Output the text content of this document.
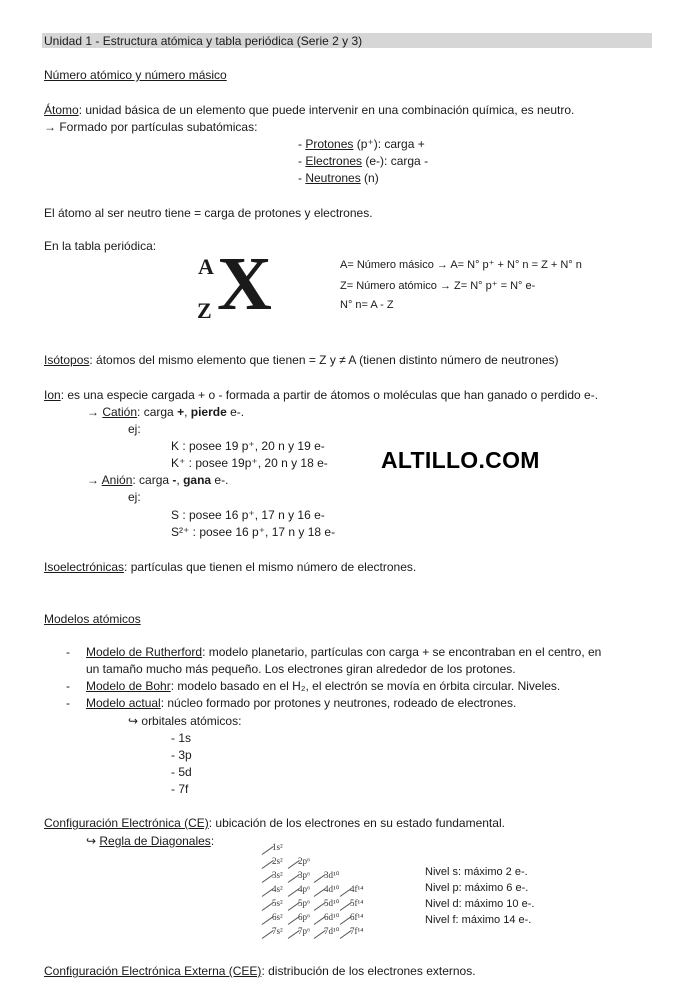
Unidad 1 - Estructura atómica y tabla periódica (Serie 2 y 3)
Número atómico y número másico
Átomo: unidad básica de un elemento que puede intervenir en una combinación química, es neutro.
→ Formado por partículas subatómicas:
- Protones (p⁺): carga +
- Electrones (e-): carga -
- Neutrones (n)
El átomo al ser neutro tiene = carga de protones y electrones.
En la tabla periódica:
A
Z X	A= Número másico → A= N° p⁺ + N° n = Z + N° n
Z= Número atómico → Z= N° p⁺ = N° e-
N° n= A - Z
Isótopos: átomos del mismo elemento que tienen = Z y ≠ A (tienen distinto número de neutrones)
Ion: es una especie cargada + o - formada a partir de átomos o moléculas que han ganado o perdido e-.
→ Catión: carga +, pierde e-.
ej:
K : posee 19 p⁺, 20 n y 19 e-
K⁺ : posee 19p⁺, 20 n y 18 e-
→ Anión: carga -, gana e-.
ej:
S : posee 16 p⁺, 17 n y 16 e-
S²⁺ : posee 16 p⁺, 17 n y 18 e-
ALTILLO.COM
Isoelectrónicas: partículas que tienen el mismo número de electrones.
Modelos atómicos
- Modelo de Rutherford: modelo planetario, partículas con carga + se encontraban en el centro, en
un tamaño mucho más pequeño. Los electrones giran alrededor de los protones.
- Modelo de Bohr: modelo basado en el H₂, el electrón se movía en órbita circular. Niveles.
- Modelo actual: núcleo formado por protones y neutrones, rodeado de electrones.
↪ orbitales atómicos:
- 1s
- 3p
- 5d
- 7f
Configuración Electrónica (CE): ubicación de los electrones en su estado fundamental.
↪ Regla de Diagonales:	1s²
2s² 2p⁶
3s² 3p⁶ 3d¹⁰
4s² 4p⁶ 4d¹⁰ 4f¹⁴
5s² 5p⁶ 5d¹⁰ 5f¹⁴
6s² 6p⁶ 6d¹⁰ 6f¹⁴
7s² 7p⁶ 7d¹⁰ 7f¹⁴
Nivel s: máximo 2 e-.
Nivel p: máximo 6 e-.
Nivel d: máximo 10 e-.
Nivel f: máximo 14 e-.
Configuración Electrónica Externa (CEE): distribución de los electrones externos.
